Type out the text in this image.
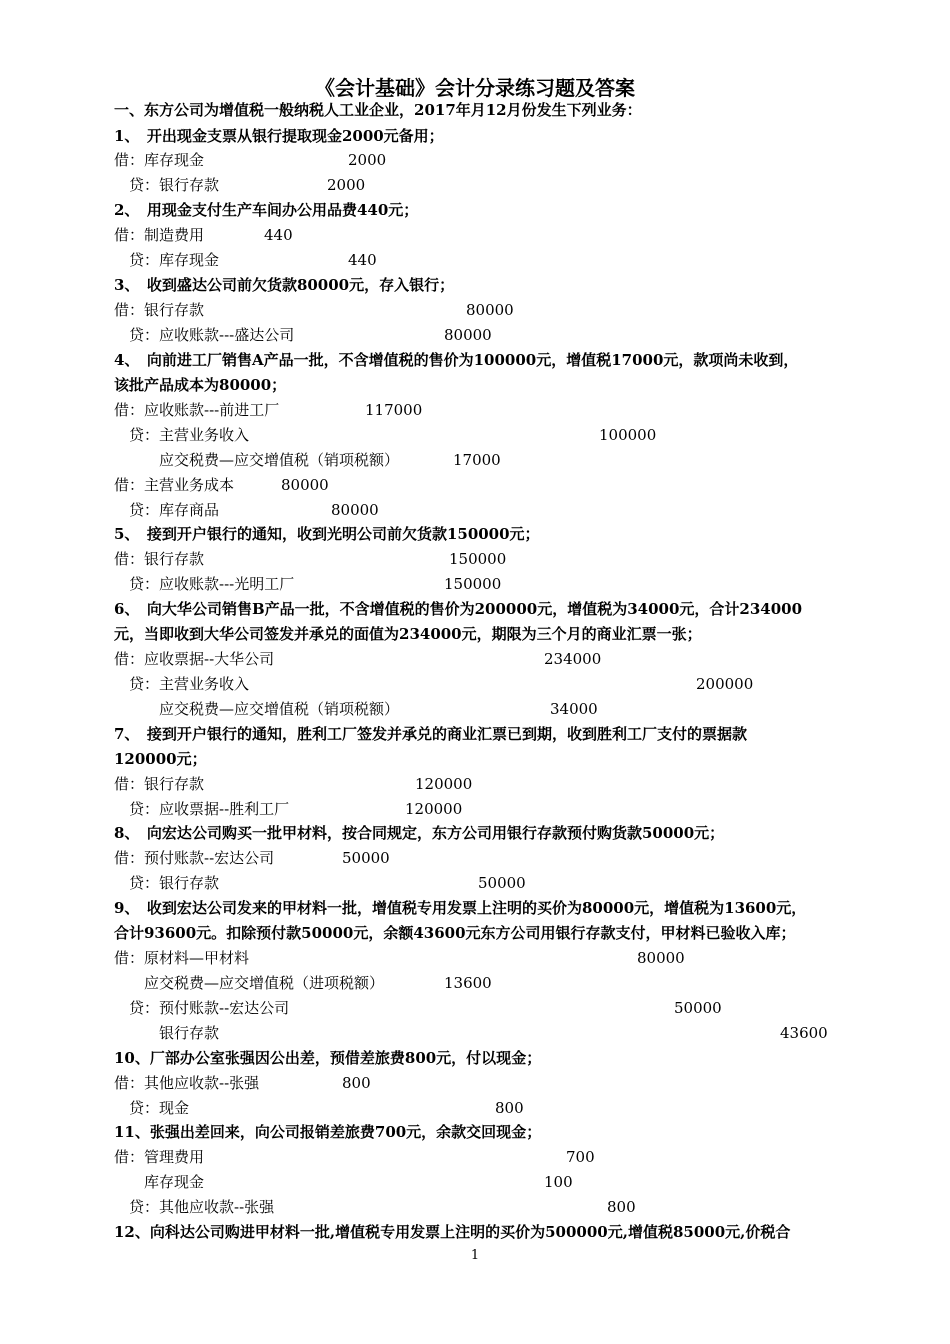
《会计基础》会计分录练习题及答案
一、东方公司为增值税一般纳税人工业企业，2017年月12月份发生下列业务：
1、　开出现金支票从银行提取现金2000元备用；
借：库存现金	2000
　贷：银行存款	2000
2、　用现金支付生产车间办公用品费440元；
借：制造费用	440
　贷：库存现金	440
3、　收到盛达公司前欠货款80000元，存入银行；
借：银行存款	80000
　贷：应收账款---盛达公司	80000
4、　向前进工厂销售A产品一批，不含增值税的售价为100000元，增值税17000元，款项尚未收到，
该批产品成本为80000；
借：应收账款---前进工厂	117000
　贷：主营业务收入	100000
　　　应交税费—应交增值税（销项税额）	17000
借：主营业务成本	80000
　贷：库存商品	80000
5、　接到开户银行的通知，收到光明公司前欠货款150000元；
借：银行存款	150000
　贷：应收账款---光明工厂	150000
6、　向大华公司销售B产品一批，不含增值税的售价为200000元，增值税为34000元，合计234000
元，当即收到大华公司签发并承兑的面值为234000元，期限为三个月的商业汇票一张；
借：应收票据--大华公司	234000
　贷：主营业务收入	200000
　　　应交税费—应交增值税（销项税额）	34000
7、　接到开户银行的通知，胜利工厂签发并承兑的商业汇票已到期，收到胜利工厂支付的票据款
120000元；
借：银行存款	120000
　贷：应收票据--胜利工厂	120000
8、　向宏达公司购买一批甲材料，按合同规定，东方公司用银行存款预付购货款50000元；
借：预付账款--宏达公司	50000
　贷：银行存款	50000
9、　收到宏达公司发来的甲材料一批，增值税专用发票上注明的买价为80000元，增值税为13600元，
合计93600元。扣除预付款50000元，余额43600元东方公司用银行存款支付，甲材料已验收入库；
借：原材料—甲材料	80000
　　应交税费—应交增值税（进项税额）	13600
　贷：预付账款--宏达公司	50000
　　　银行存款	43600
10、厂部办公室张强因公出差，预借差旅费800元，付以现金；
借：其他应收款--张强	800
　贷：现金	800
11、张强出差回来，向公司报销差旅费700元，余款交回现金；
借：管理费用	700
　　库存现金	100
　贷：其他应收款--张强	800
12、向科达公司购进甲材料一批,增值税专用发票上注明的买价为500000元,增值税85000元,价税合
1
